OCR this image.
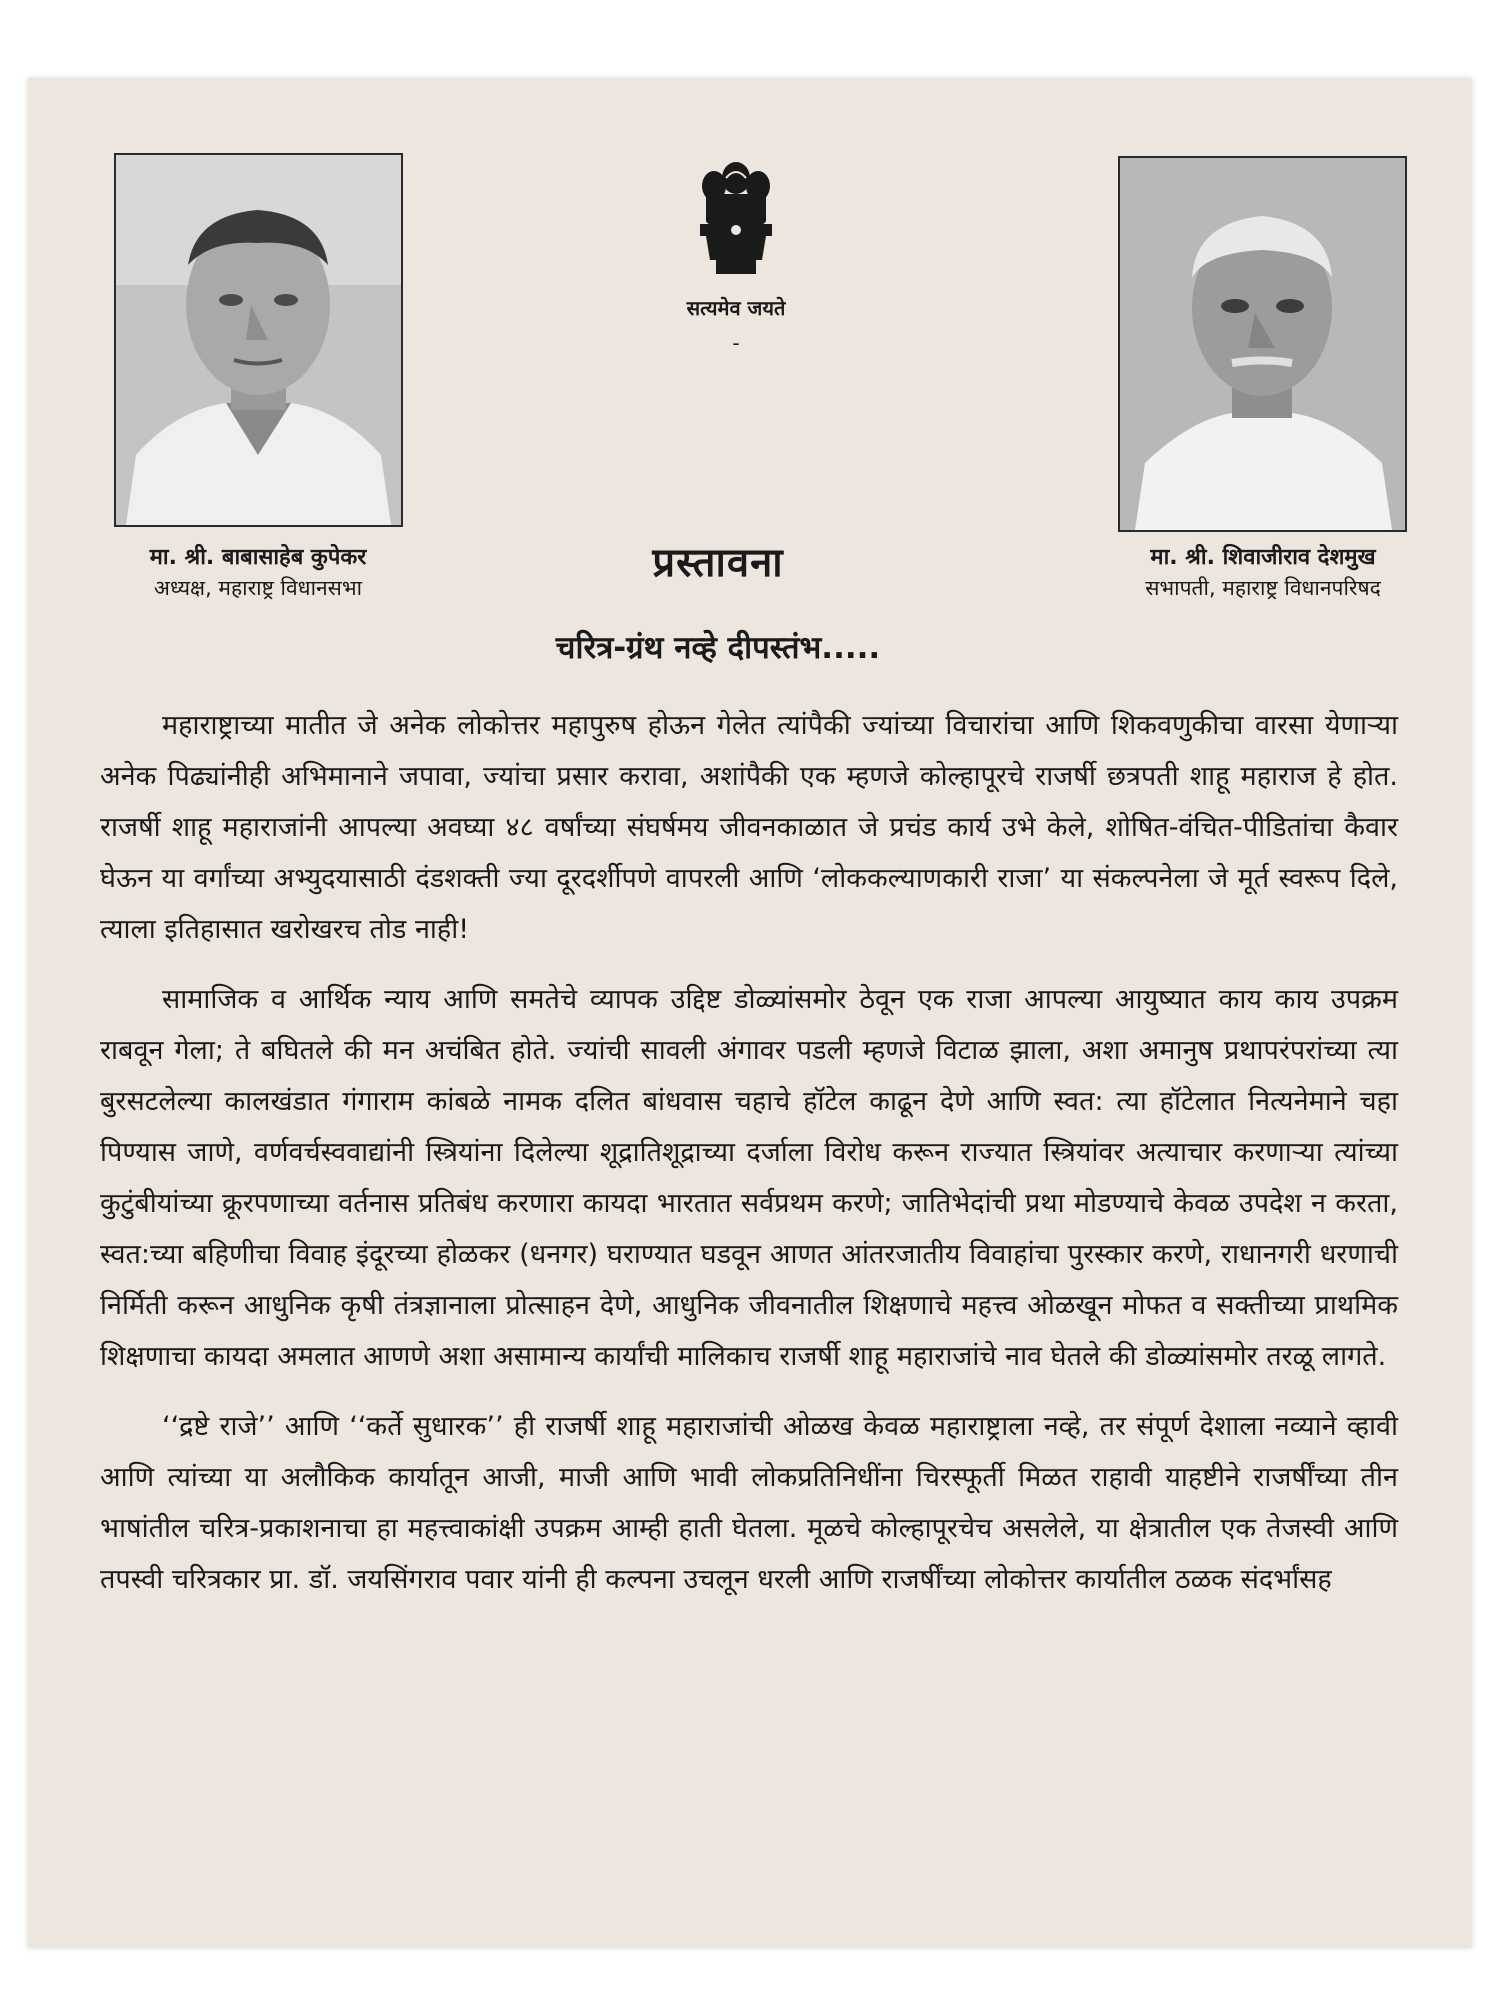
सत्यमेव जयते
-
मा. श्री. बाबासाहेब कुपेकर
अध्यक्ष, महाराष्ट्र विधानसभा
मा. श्री. शिवाजीराव देशमुख
सभापती, महाराष्ट्र विधानपरिषद
प्रस्तावना
चरित्र-ग्रंथ नव्हे दीपस्तंभ.....

महाराष्ट्राच्या मातीत जे अनेक लोकोत्तर महापुरुष होऊन गेलेत त्यांपैकी ज्यांच्या विचारांचा आणि शिकवणुकीचा वारसा येणाऱ्या अनेक पिढ्यांनीही अभिमानाने जपावा, ज्यांचा प्रसार करावा, अशांपैकी एक म्हणजे कोल्हापूरचे राजर्षी छत्रपती शाहू महाराज हे होत. राजर्षी शाहू महाराजांनी आपल्या अवघ्या ४८ वर्षांच्या संघर्षमय जीवनकाळात जे प्रचंड कार्य उभे केले, शोषित-वंचित-पीडितांचा कैवार घेऊन या वर्गांच्या अभ्युदयासाठी दंडशक्ती ज्या दूरदर्शीपणे वापरली आणि ‘लोककल्याणकारी राजा’ या संकल्पनेला जे मूर्त स्वरूप दिले, त्याला इतिहासात खरोखरच तोड नाही!

सामाजिक व आर्थिक न्याय आणि समतेचे व्यापक उद्दिष्ट डोळ्यांसमोर ठेवून एक राजा आपल्या आयुष्यात काय काय उपक्रम राबवून गेला; ते बघितले की मन अचंबित होते. ज्यांची सावली अंगावर पडली म्हणजे विटाळ झाला, अशा अमानुष प्रथापरंपरांच्या त्या बुरसटलेल्या कालखंडात गंगाराम कांबळे नामक दलित बांधवास चहाचे हॉटेल काढून देणे आणि स्वत: त्या हॉटेलात नित्यनेमाने चहा पिण्यास जाणे, वर्णवर्चस्ववाद्यांनी स्त्रियांना दिलेल्या शूद्रातिशूद्राच्या दर्जाला विरोध करून राज्यात स्त्रियांवर अत्याचार करणाऱ्या त्यांच्या कुटुंबीयांच्या क्रूरपणाच्या वर्तनास प्रतिबंध करणारा कायदा भारतात सर्वप्रथम करणे; जातिभेदांची प्रथा मोडण्याचे केवळ उपदेश न करता, स्वत:च्या बहिणीचा विवाह इंदूरच्या होळकर (धनगर) घराण्यात घडवून आणत आंतरजातीय विवाहांचा पुरस्कार करणे, राधानगरी धरणाची निर्मिती करून आधुनिक कृषी तंत्रज्ञानाला प्रोत्साहन देणे, आधुनिक जीवनातील शिक्षणाचे महत्त्व ओळखून मोफत व सक्तीच्या प्राथमिक शिक्षणाचा कायदा अमलात आणणे अशा असामान्य कार्यांची मालिकाच राजर्षी शाहू महाराजांचे नाव घेतले की डोळ्यांसमोर तरळू लागते.

‘‘द्रष्टे राजे’’ आणि ‘‘कर्ते सुधारक’’ ही राजर्षी शाहू महाराजांची ओळख केवळ महाराष्ट्राला नव्हे, तर संपूर्ण देशाला नव्याने व्हावी आणि त्यांच्या या अलौकिक कार्यातून आजी, माजी आणि भावी लोकप्रतिनिधींना चिरस्फूर्ती मिळत राहावी याहष्टीने राजर्षींच्या तीन भाषांतील चरित्र-प्रकाशनाचा हा महत्त्वाकांक्षी उपक्रम आम्ही हाती घेतला. मूळचे कोल्हापूरचेच असलेले, या क्षेत्रातील एक तेजस्वी आणि तपस्वी चरित्रकार प्रा. डॉ. जयसिंगराव पवार यांनी ही कल्पना उचलून धरली आणि राजर्षींच्या लोकोत्तर कार्यातील ठळक संदर्भांसह
